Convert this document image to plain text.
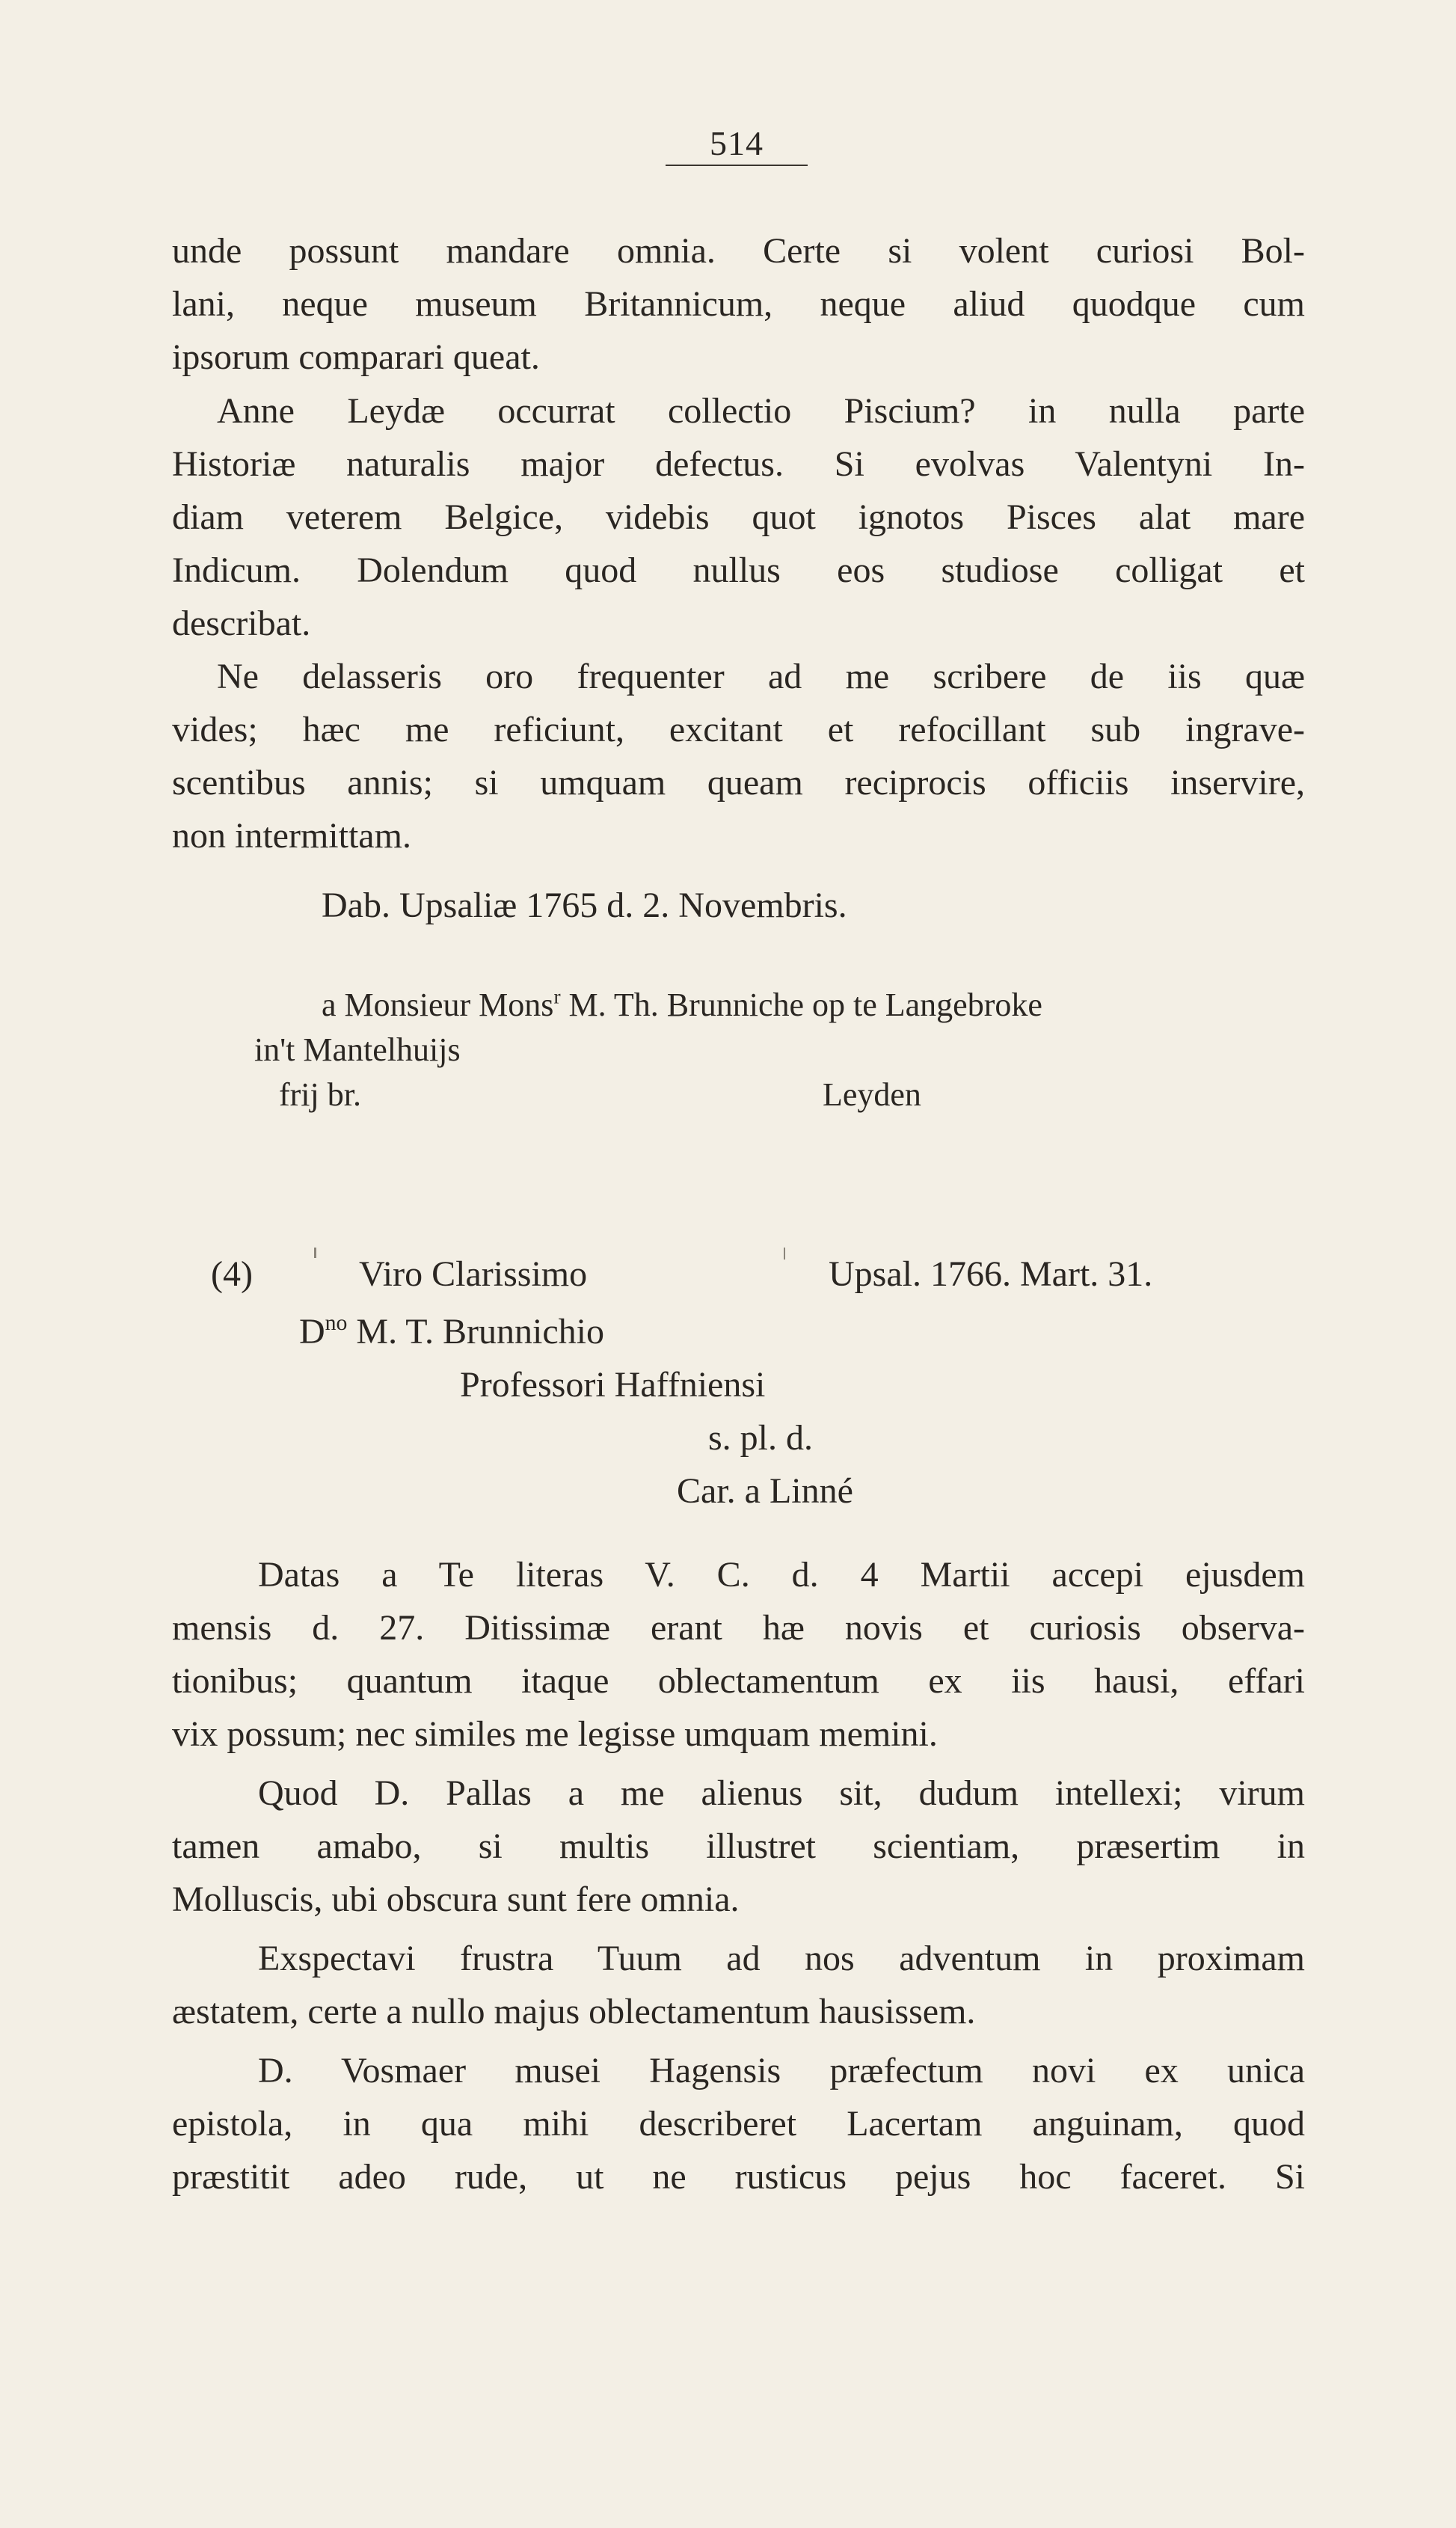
514
unde possunt mandare omnia. Certe si volent curiosi Bol-
lani, neque museum Britannicum, neque aliud quodque cum
ipsorum comparari queat.
Anne Leydæ occurrat collectio Piscium? in nulla parte
Historiæ naturalis major defectus. Si evolvas Valentyni In-
diam veterem Belgice, videbis quot ignotos Pisces alat mare
Indicum. Dolendum quod nullus eos studiose colligat et
describat.
Ne delasseris oro frequenter ad me scribere de iis quæ
vides; hæc me reficiunt, excitant et refocillant sub ingrave-
scentibus annis; si umquam queam reciprocis officiis inservire,
non intermittam.
Dab. Upsaliæ 1765 d. 2. Novembris.
a Monsieur Mons$^r$ M. Th. Brunniche op te Langebroke
in't Mantelhuijs
frij br.	Leyden
(4)	Viro Clarissimo	Upsal. 1766. Mart. 31.
$D^{no}$ M. T. Brunnichio
Professori Haffniensi
s. pl. d.
Car. a Linné
Datas a Te literas V. C. d. 4 Martii accepi ejusdem
mensis d. 27. Ditissimæ erant hæ novis et curiosis observa-
tionibus; quantum itaque oblectamentum ex iis hausi, effari
vix possum; nec similes me legisse umquam memini.
Quod D. Pallas a me alienus sit, dudum intellexi; virum
tamen amabo, si multis illustret scientiam, præsertim in
Molluscis, ubi obscura sunt fere omnia.
Exspectavi frustra Tuum ad nos adventum in proximam
æstatem, certe a nullo majus oblectamentum hausissem.
D. Vosmaer musei Hagensis præfectum novi ex unica
epistola, in qua mihi describeret Lacertam anguinam, quod
præstitit adeo rude, ut ne rusticus pejus hoc faceret. Si
